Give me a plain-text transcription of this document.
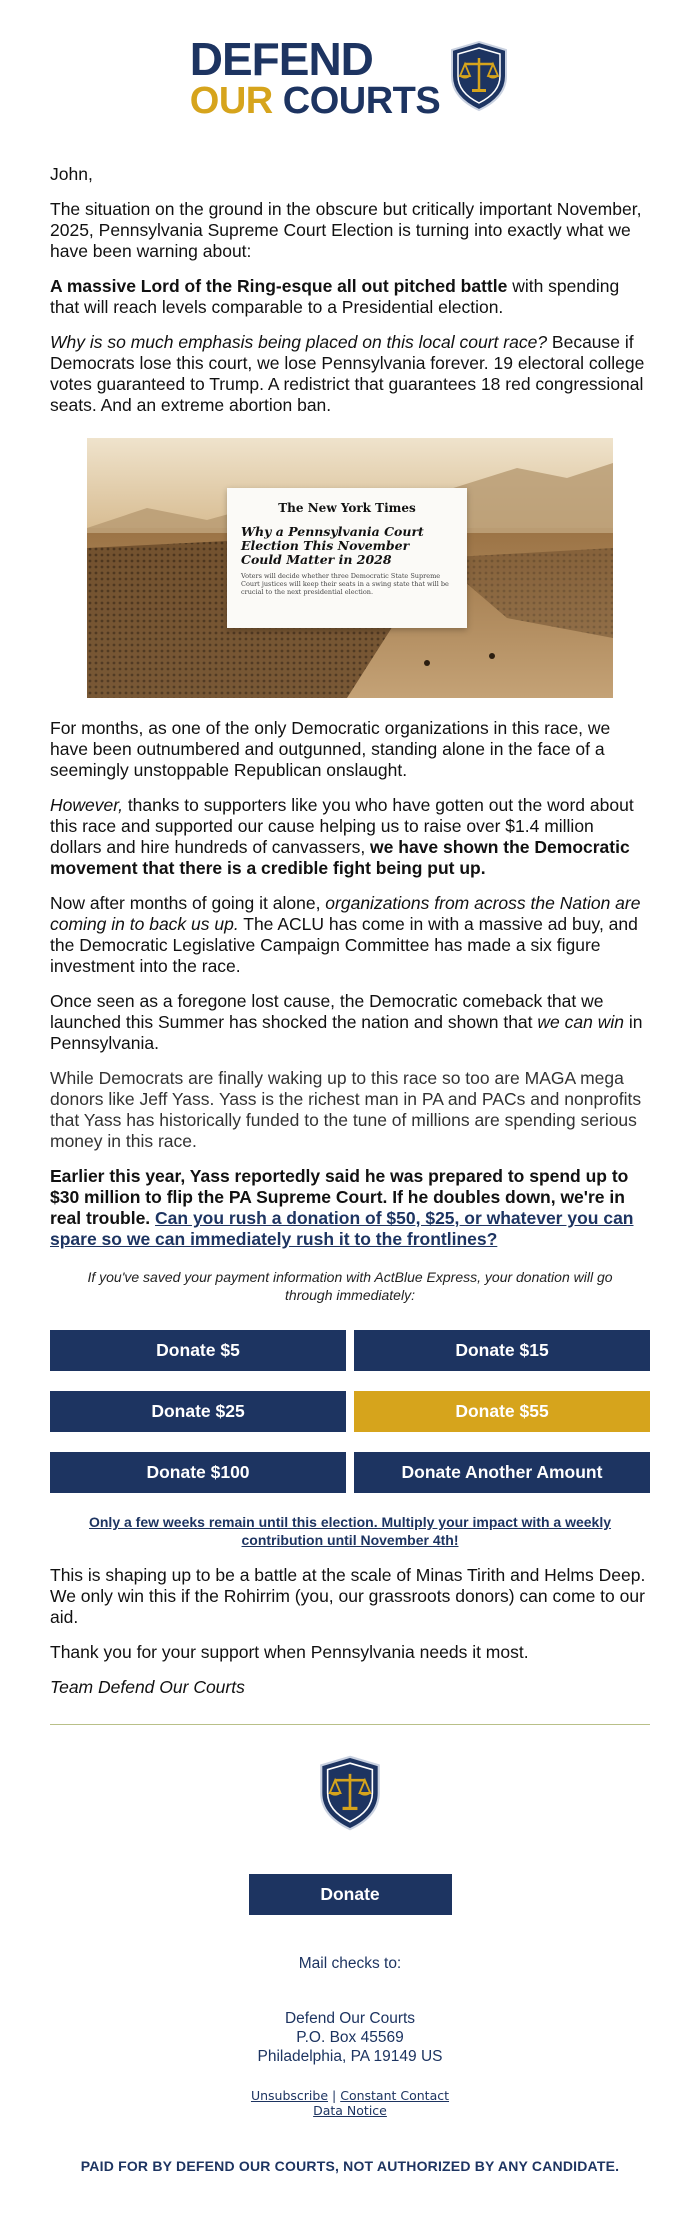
DEFEND
OUR COURTS

John,

The situation on the ground in the obscure but critically important November, 2025, Pennsylvania Supreme Court Election is turning into exactly what we have been warning about:

A massive Lord of the Ring-esque all out pitched battle with spending that will reach levels comparable to a Presidential election.

Why is so much emphasis being placed on this local court race? Because if Democrats lose this court, we lose Pennsylvania forever. 19 electoral college votes guaranteed to Trump. A redistrict that guarantees 18 red congressional seats. And an extreme abortion ban.

The New York Times
Why a Pennsylvania Court Election This November Could Matter in 2028
Voters will decide whether three Democratic State Supreme Court justices will keep their seats in a swing state that will be crucial to the next presidential election.

For months, as one of the only Democratic organizations in this race, we have been outnumbered and outgunned, standing alone in the face of a seemingly unstoppable Republican onslaught.

However, thanks to supporters like you who have gotten out the word about this race and supported our cause helping us to raise over $1.4 million dollars and hire hundreds of canvassers, we have shown the Democratic movement that there is a credible fight being put up.

Now after months of going it alone, organizations from across the Nation are coming in to back us up. The ACLU has come in with a massive ad buy, and the Democratic Legislative Campaign Committee has made a six figure investment into the race.

Once seen as a foregone lost cause, the Democratic comeback that we launched this Summer has shocked the nation and shown that we can win in Pennsylvania.

While Democrats are finally waking up to this race so too are MAGA mega donors like Jeff Yass. Yass is the richest man in PA and PACs and nonprofits that Yass has historically funded to the tune of millions are spending serious money in this race.

Earlier this year, Yass reportedly said he was prepared to spend up to $30 million to flip the PA Supreme Court. If he doubles down, we're in real trouble. Can you rush a donation of $50, $25, or whatever you can spare so we can immediately rush it to the frontlines?

If you've saved your payment information with ActBlue Express, your donation will go through immediately:

Donate $5	Donate $15
Donate $25	Donate $55
Donate $100	Donate Another Amount
Only a few weeks remain until this election. Multiply your impact with a weekly contribution until November 4th!

This is shaping up to be a battle at the scale of Minas Tirith and Helms Deep. We only win this if the Rohirrim (you, our grassroots donors) can come to our aid.

Thank you for your support when Pennsylvania needs it most.

Team Defend Our Courts

Donate
Mail checks to:
Defend Our Courts
P.O. Box 45569
Philadelphia, PA 19149 US
Unsubscribe | Constant Contact
Data Notice
PAID FOR BY DEFEND OUR COURTS, NOT AUTHORIZED BY ANY CANDIDATE.
